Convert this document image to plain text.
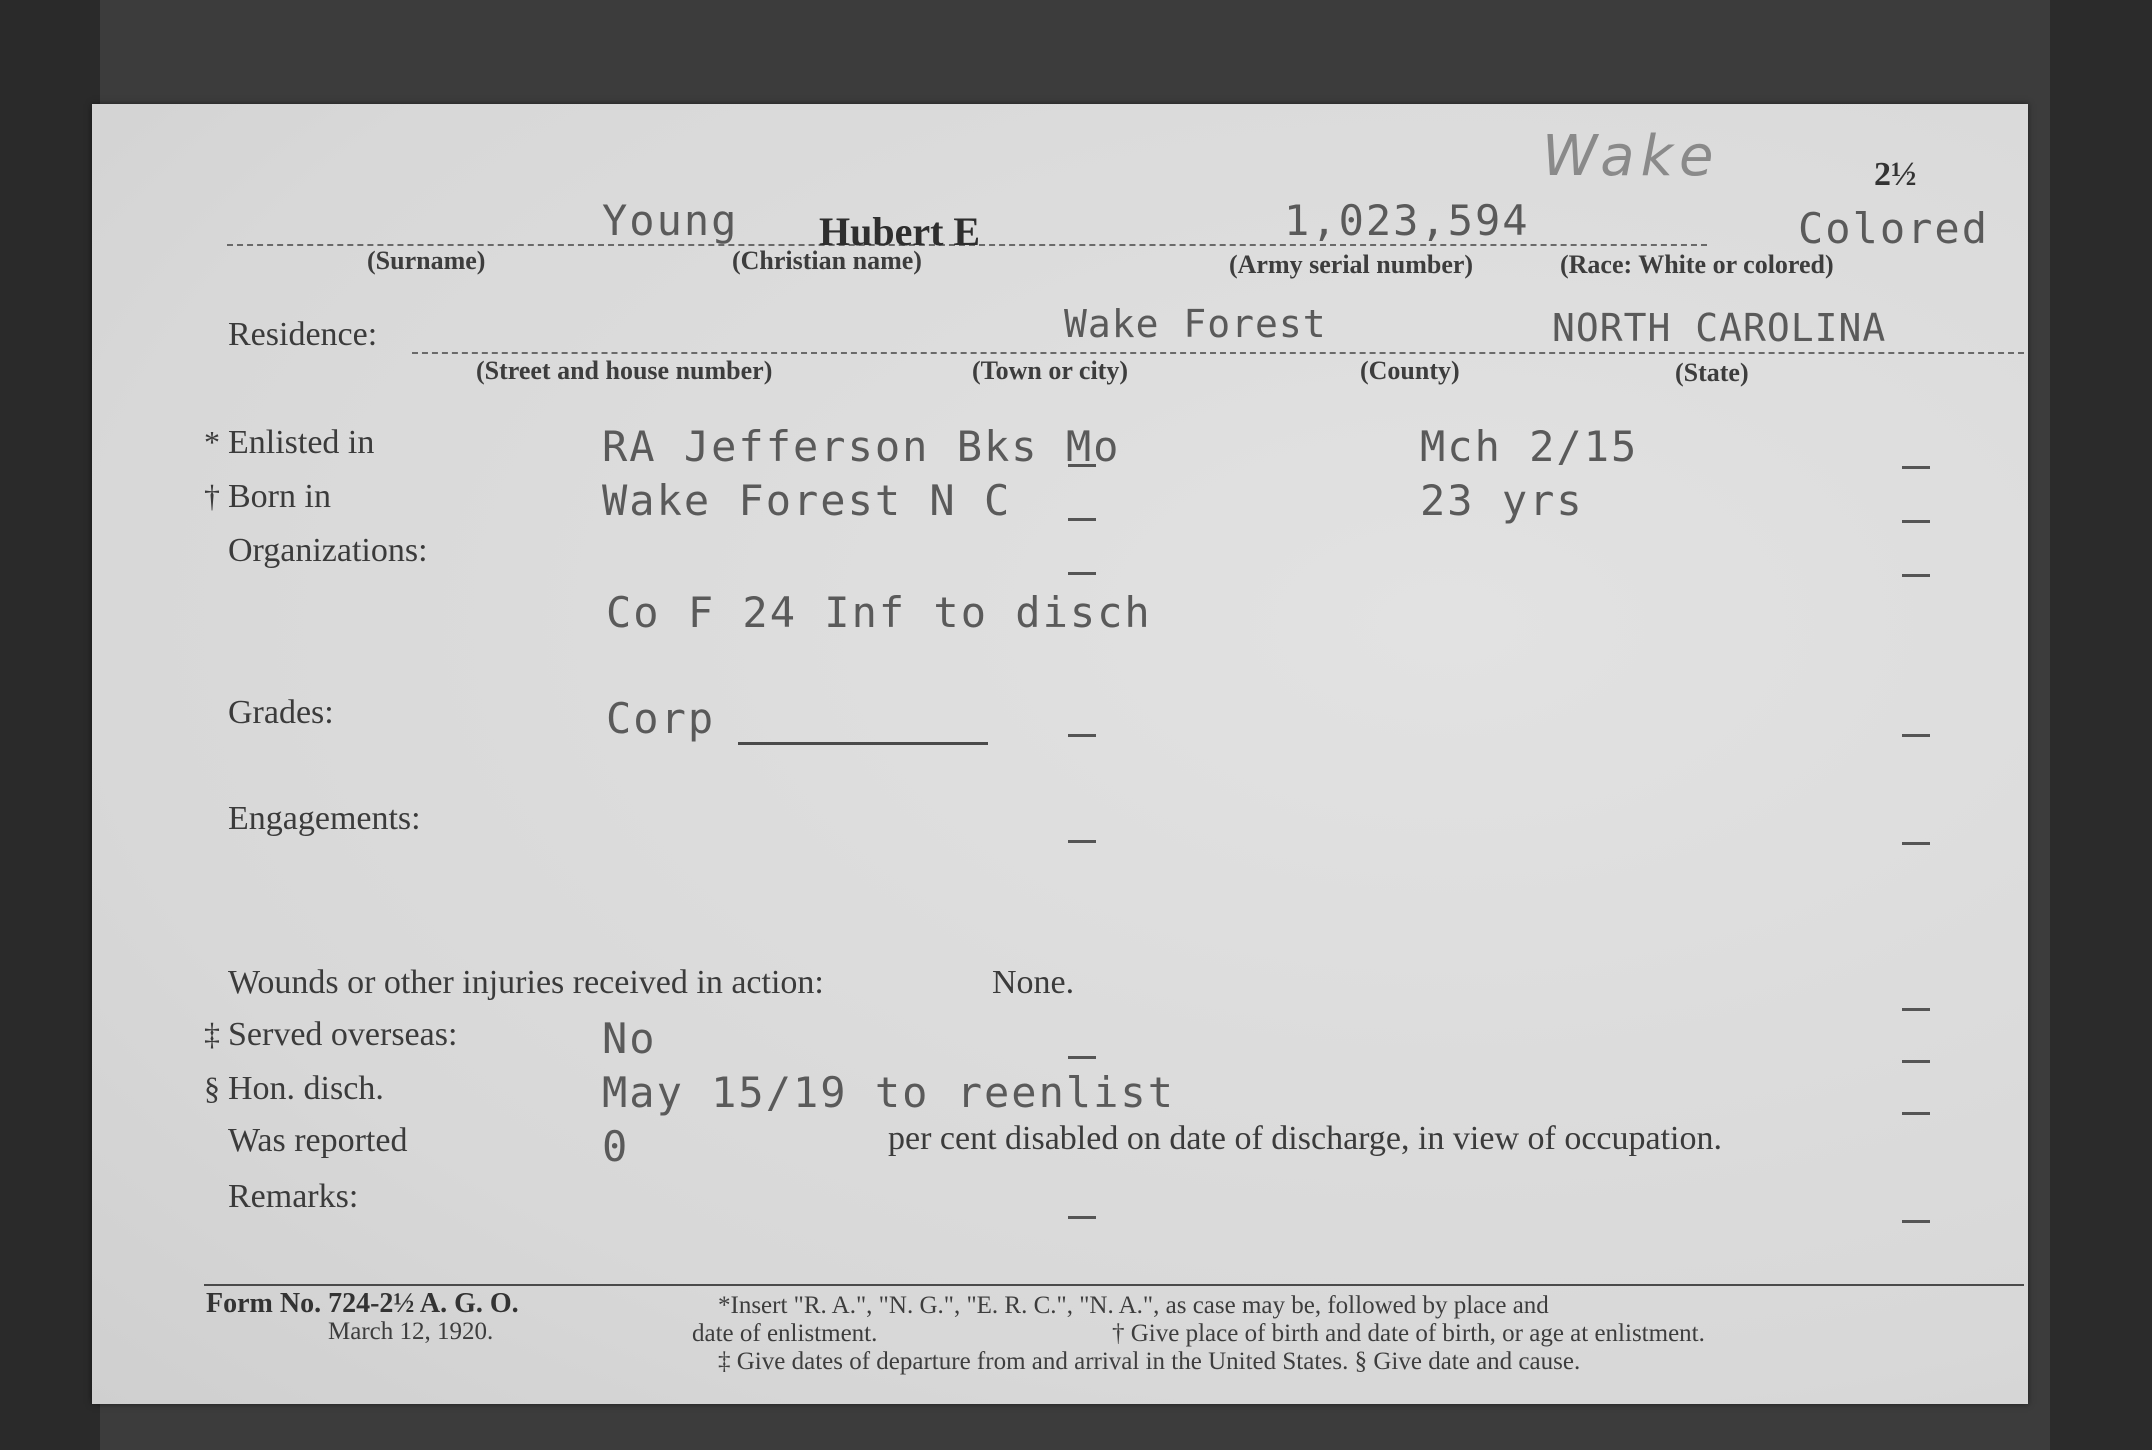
Wake	2½
Young Hubert E	1,023,594	Colored
(Surname)	(Christian name)	(Army serial number)	(Race: White or colored)
Residence:	Wake Forest	NORTH CAROLINA
(Street and house number)	(Town or city)	(County)	(State)
* Enlisted in	RA Jefferson Bks Mo	Mch 2/15
† Born in	Wake Forest N C	23 yrs
Organizations:
Co F 24 Inf to disch
Grades:	Corp
Engagements:
Wounds or other injuries received in action:	None.
‡ Served overseas:	No
§ Hon. disch.	May 15/19 to reenlist
Was reported	0	per cent disabled on date of discharge, in view of occupation.
Remarks:
Form No. 724-2½ A. G. O.
March 12, 1920.
*Insert "R. A.", "N. G.", "E. R. C.", "N. A.", as case may be, followed by place and
date of enlistment.	† Give place of birth and date of birth, or age at enlistment.
‡ Give dates of departure from and arrival in the United States. § Give date and cause.
